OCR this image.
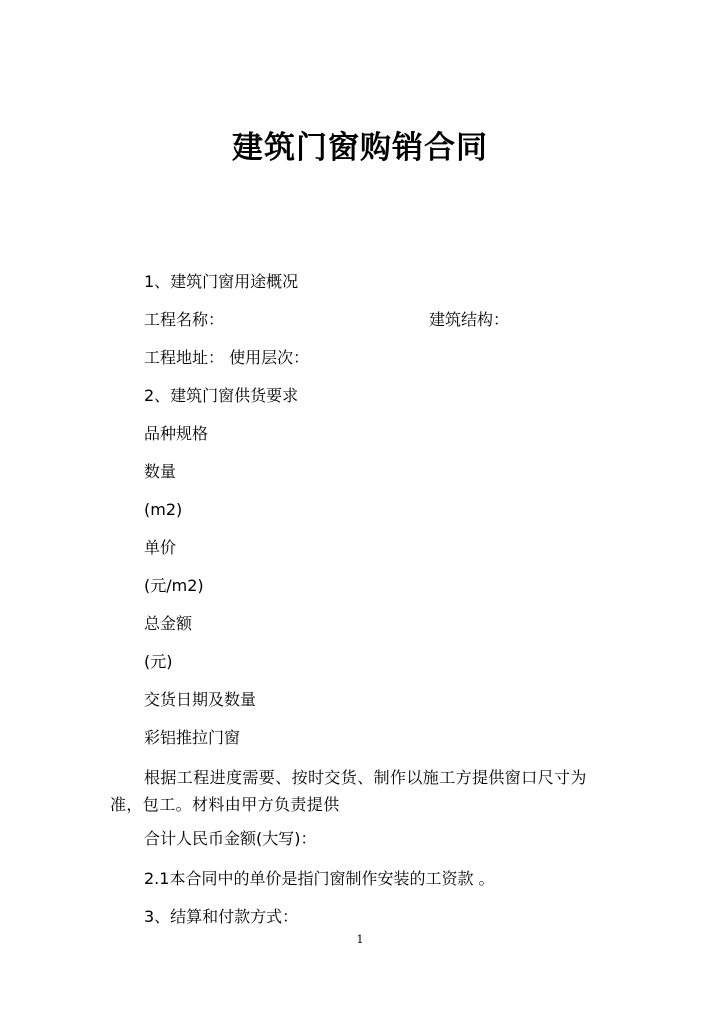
建筑门窗购销合同
1、建筑门窗用途概况
工程名称：	建筑结构：
工程地址： 使用层次：
2、建筑门窗供货要求
品种规格
数量
(m2)
单价
(元/m2)
总金额
(元)
交货日期及数量
彩铝推拉门窗
根据工程进度需要、按时交货、制作以施工方提供窗口尺寸为准，包工。材料由甲方负责提供
合计人民币金额(大写)：
2.1本合同中的单价是指门窗制作安装的工资款 。
3、结算和付款方式：
1
